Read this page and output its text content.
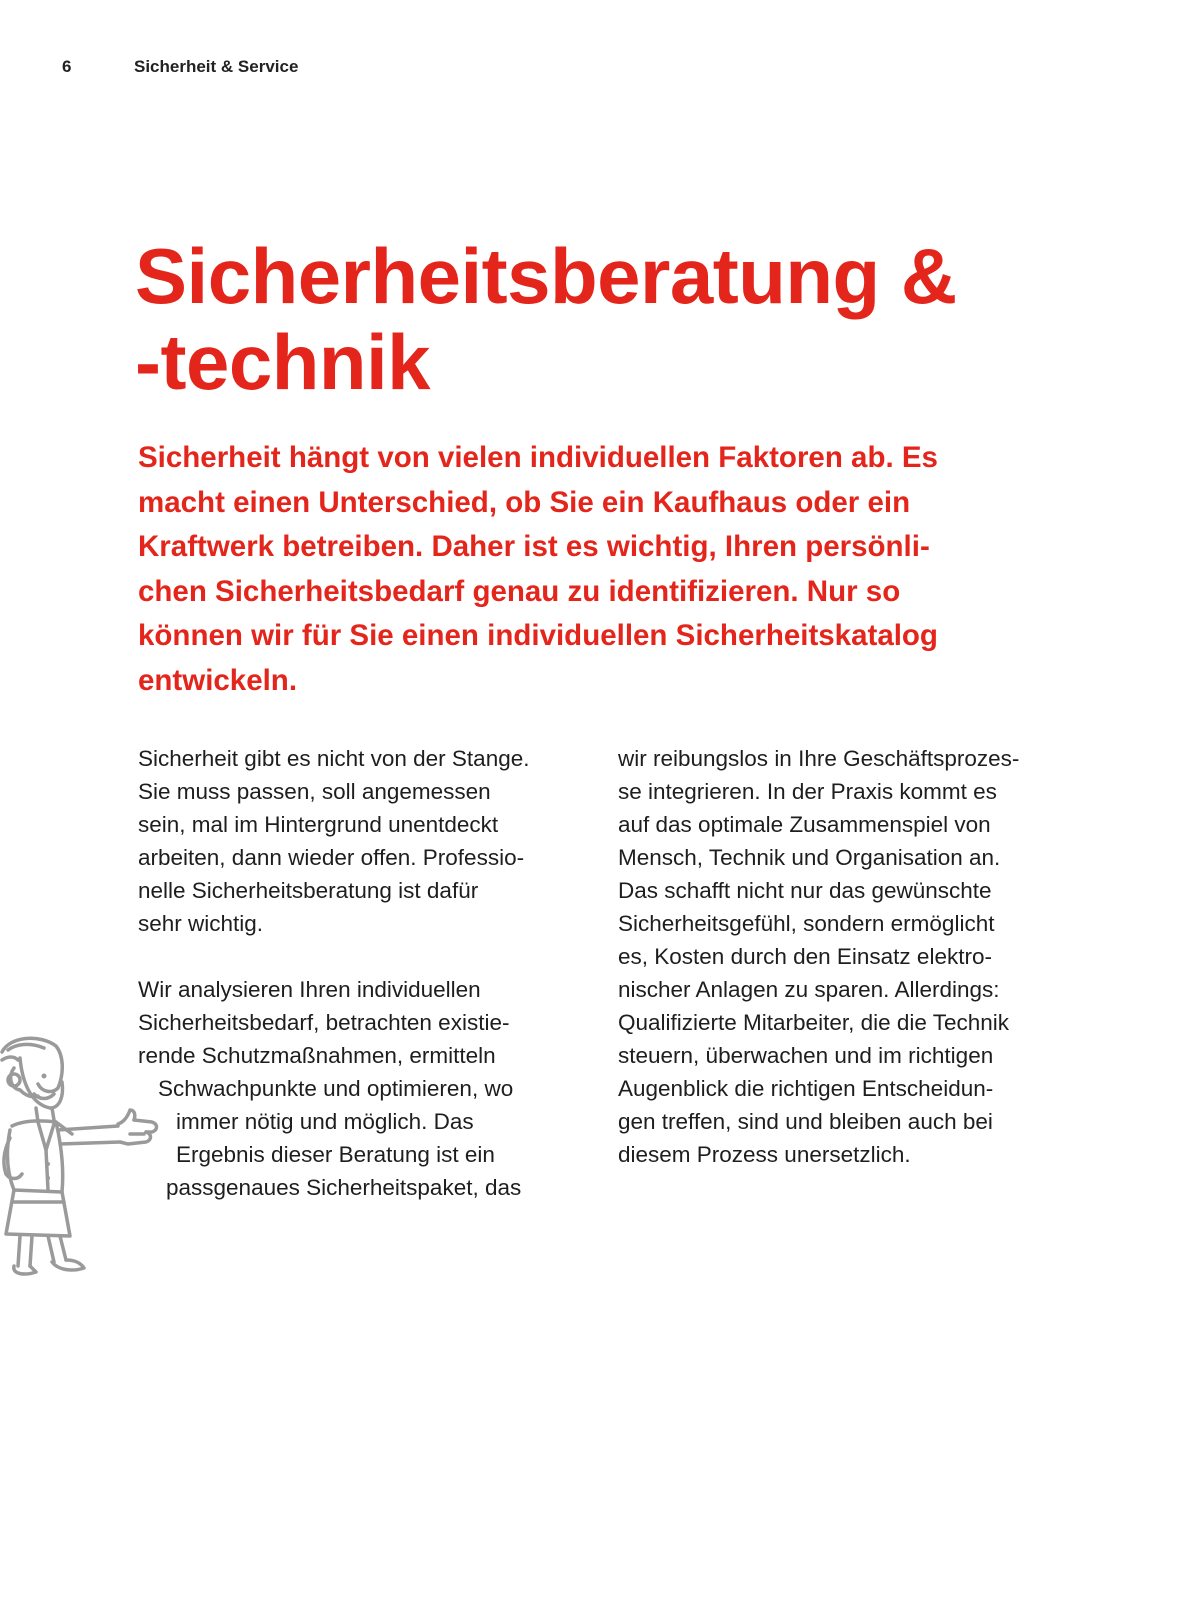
6	Sicherheit & Service
Sicherheitsberatung &
-technik

Sicherheit hängt von vielen individuellen Faktoren ab. Es
macht einen Unterschied, ob Sie ein Kaufhaus oder ein
Kraftwerk betreiben. Daher ist es wichtig, Ihren persönli-
chen Sicherheitsbedarf genau zu identifizieren. Nur so
können wir für Sie einen individuellen Sicherheitskatalog
entwickeln.

Sicherheit gibt es nicht von der Stange.
Sie muss passen, soll angemessen
sein, mal im Hintergrund unentdeckt
arbeiten, dann wieder offen. Professio-
nelle Sicherheitsberatung ist dafür
sehr wichtig.
Wir analysieren Ihren individuellen
Sicherheitsbedarf, betrachten existie-
rende Schutzmaßnahmen, ermitteln
Schwachpunkte und optimieren, wo
immer nötig und möglich. Das
Ergebnis dieser Beratung ist ein
passgenaues Sicherheitspaket, das
wir reibungslos in Ihre Geschäftsprozes-
se integrieren. In der Praxis kommt es
auf das optimale Zusammenspiel von
Mensch, Technik und Organisation an.
Das schafft nicht nur das gewünschte
Sicherheitsgefühl, sondern ermöglicht
es, Kosten durch den Einsatz elektro-
nischer Anlagen zu sparen. Allerdings:
Qualifizierte Mitarbeiter, die die Technik
steuern, überwachen und im richtigen
Augenblick die richtigen Entscheidun-
gen treffen, sind und bleiben auch bei
diesem Prozess unersetzlich.
